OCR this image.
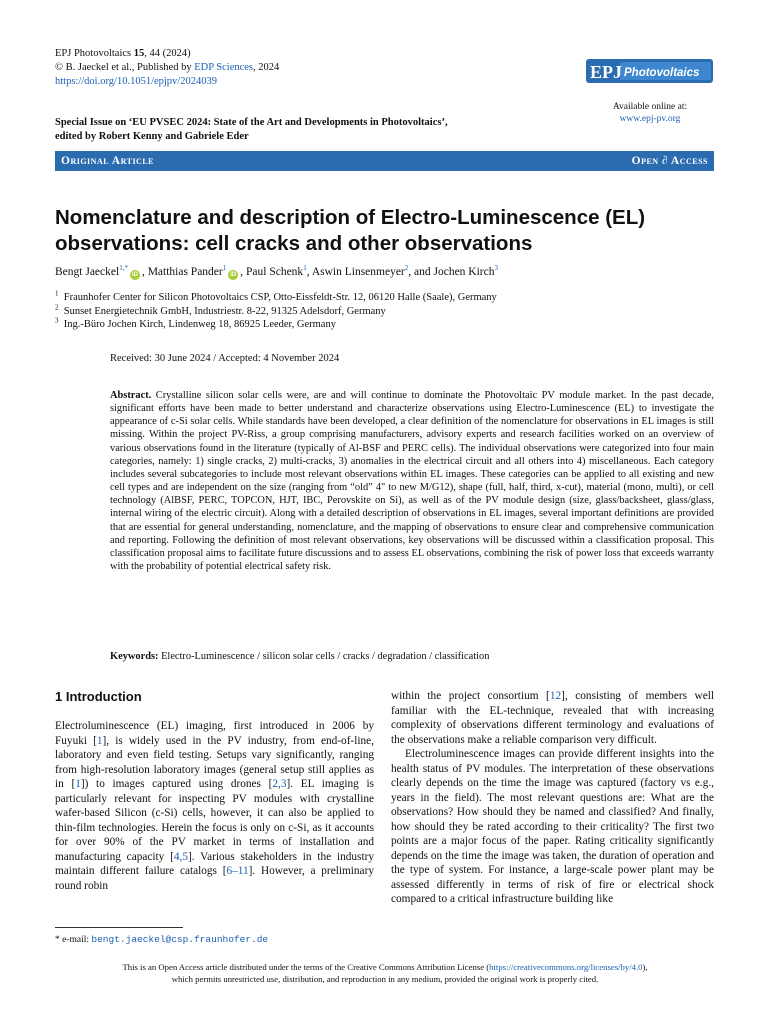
EPJ Photovoltaics 15, 44 (2024)
© B. Jaeckel et al., Published by EDP Sciences, 2024
https://doi.org/10.1051/epjpv/2024039	EPJ Photovoltaics
Available online at:
www.epj-pv.org
Special Issue on ‘EU PVSEC 2024: State of the Art and Developments in Photovoltaics’,
edited by Robert Kenny and Gabriele Eder
Original Article	Open ∂ Access
Nomenclature and description of Electro-Luminescence (EL) observations: cell cracks and other observations
Bengt Jaeckel$^{1,*}$iD , Matthias Pander$^1$iD , Paul Schenk$^1$, Aswin Linsenmeyer$^2$, and Jochen Kirch$^3$
$^1$ Fraunhofer Center for Silicon Photovoltaics CSP, Otto-Eissfeldt-Str. 12, 06120 Halle (Saale), Germany
$^2$ Sunset Energietechnik GmbH, Industriestr. 8-22, 91325 Adelsdorf, Germany
$^3$ Ing.-Büro Jochen Kirch, Lindenweg 18, 86925 Leeder, Germany
Received: 30 June 2024 / Accepted: 4 November 2024
Abstract. Crystalline silicon solar cells were, are and will continue to dominate the Photovoltaic PV module market. In the past decade, significant efforts have been made to better understand and characterize observations using Electro-Luminescence (EL) to investigate the appearance of c-Si solar cells. While standards have been developed, a clear definition of the nomenclature for observations in EL images is still missing. Within the project PV-Riss, a group comprising manufacturers, advisory experts and research facilities worked on an overview of various observations found in the literature (typically of Al-BSF and PERC cells). The individual observations were categorized into four main categories, namely: 1) single cracks, 2) multi-cracks, 3) anomalies in the electrical circuit and all others into 4) miscellaneous. Each category includes several subcategories to include most relevant observations within EL images. These categories can be applied to all existing and new cell types and are independent on the size (ranging from “old” 4" to new M/G12), shape (full, half, third, x-cut), material (mono, multi), or cell technology (AlBSF, PERC, TOPCON, HJT, IBC, Perovskite on Si), as well as of the PV module design (size, glass/backsheet, glass/glass, internal wiring of the electric circuit). Along with a detailed description of observations in EL images, several important definitions are provided that are essential for general understanding, nomenclature, and the mapping of observations to ensure clear and comprehensive communication and reporting. Following the definition of most relevant observations, key observations will be discussed within a classification proposal. This classification proposal aims to facilitate future discussions and to assess EL observations, combining the risk of power loss that exceeds warranty with the probability of potential electrical safety risk.
Keywords: Electro-Luminescence / silicon solar cells / cracks / degradation / classification
1 Introduction

Electroluminescence (EL) imaging, first introduced in 2006 by Fuyuki [1], is widely used in the PV industry, from end-of-line, laboratory and even field testing. Setups vary significantly, ranging from high-resolution laboratory images (general setup still applies as in [1]) to images captured using drones [2,3]. EL imaging is particularly relevant for inspecting PV modules with crystalline wafer-based Silicon (c-Si) cells, however, it can also be applied to thin-film technologies. Herein the focus is only on c-Si, as it accounts for over 90% of the PV market in terms of installation and manufacturing capacity [4,5]. Various stakeholders in the industry maintain different failure catalogs [6–11]. However, a preliminary round robin

within the project consortium [12], consisting of members well familiar with the EL-technique, revealed that with increasing complexity of observations different terminology and evaluations of the observations make a reliable comparison very difficult.

Electroluminescence images can provide different insights into the health status of PV modules. The interpretation of these observations clearly depends on the time the image was captured (factory vs e.g., years in the field). The most relevant questions are: What are the observations? How should they be named and classified? And finally, how should they be rated according to their criticality? The first two points are a major focus of the paper. Rating criticality significantly depends on the time the image was taken, the duration of operation and the type of system. For instance, a large-scale power plant may be assessed differently in terms of risk of fire or electrical shock compared to a critical infrastructure building like

* e-mail: bengt.jaeckel@csp.fraunhofer.de
This is an Open Access article distributed under the terms of the Creative Commons Attribution License (https://creativecommons.org/licenses/by/4.0),
which permits unrestricted use, distribution, and reproduction in any medium, provided the original work is properly cited.
